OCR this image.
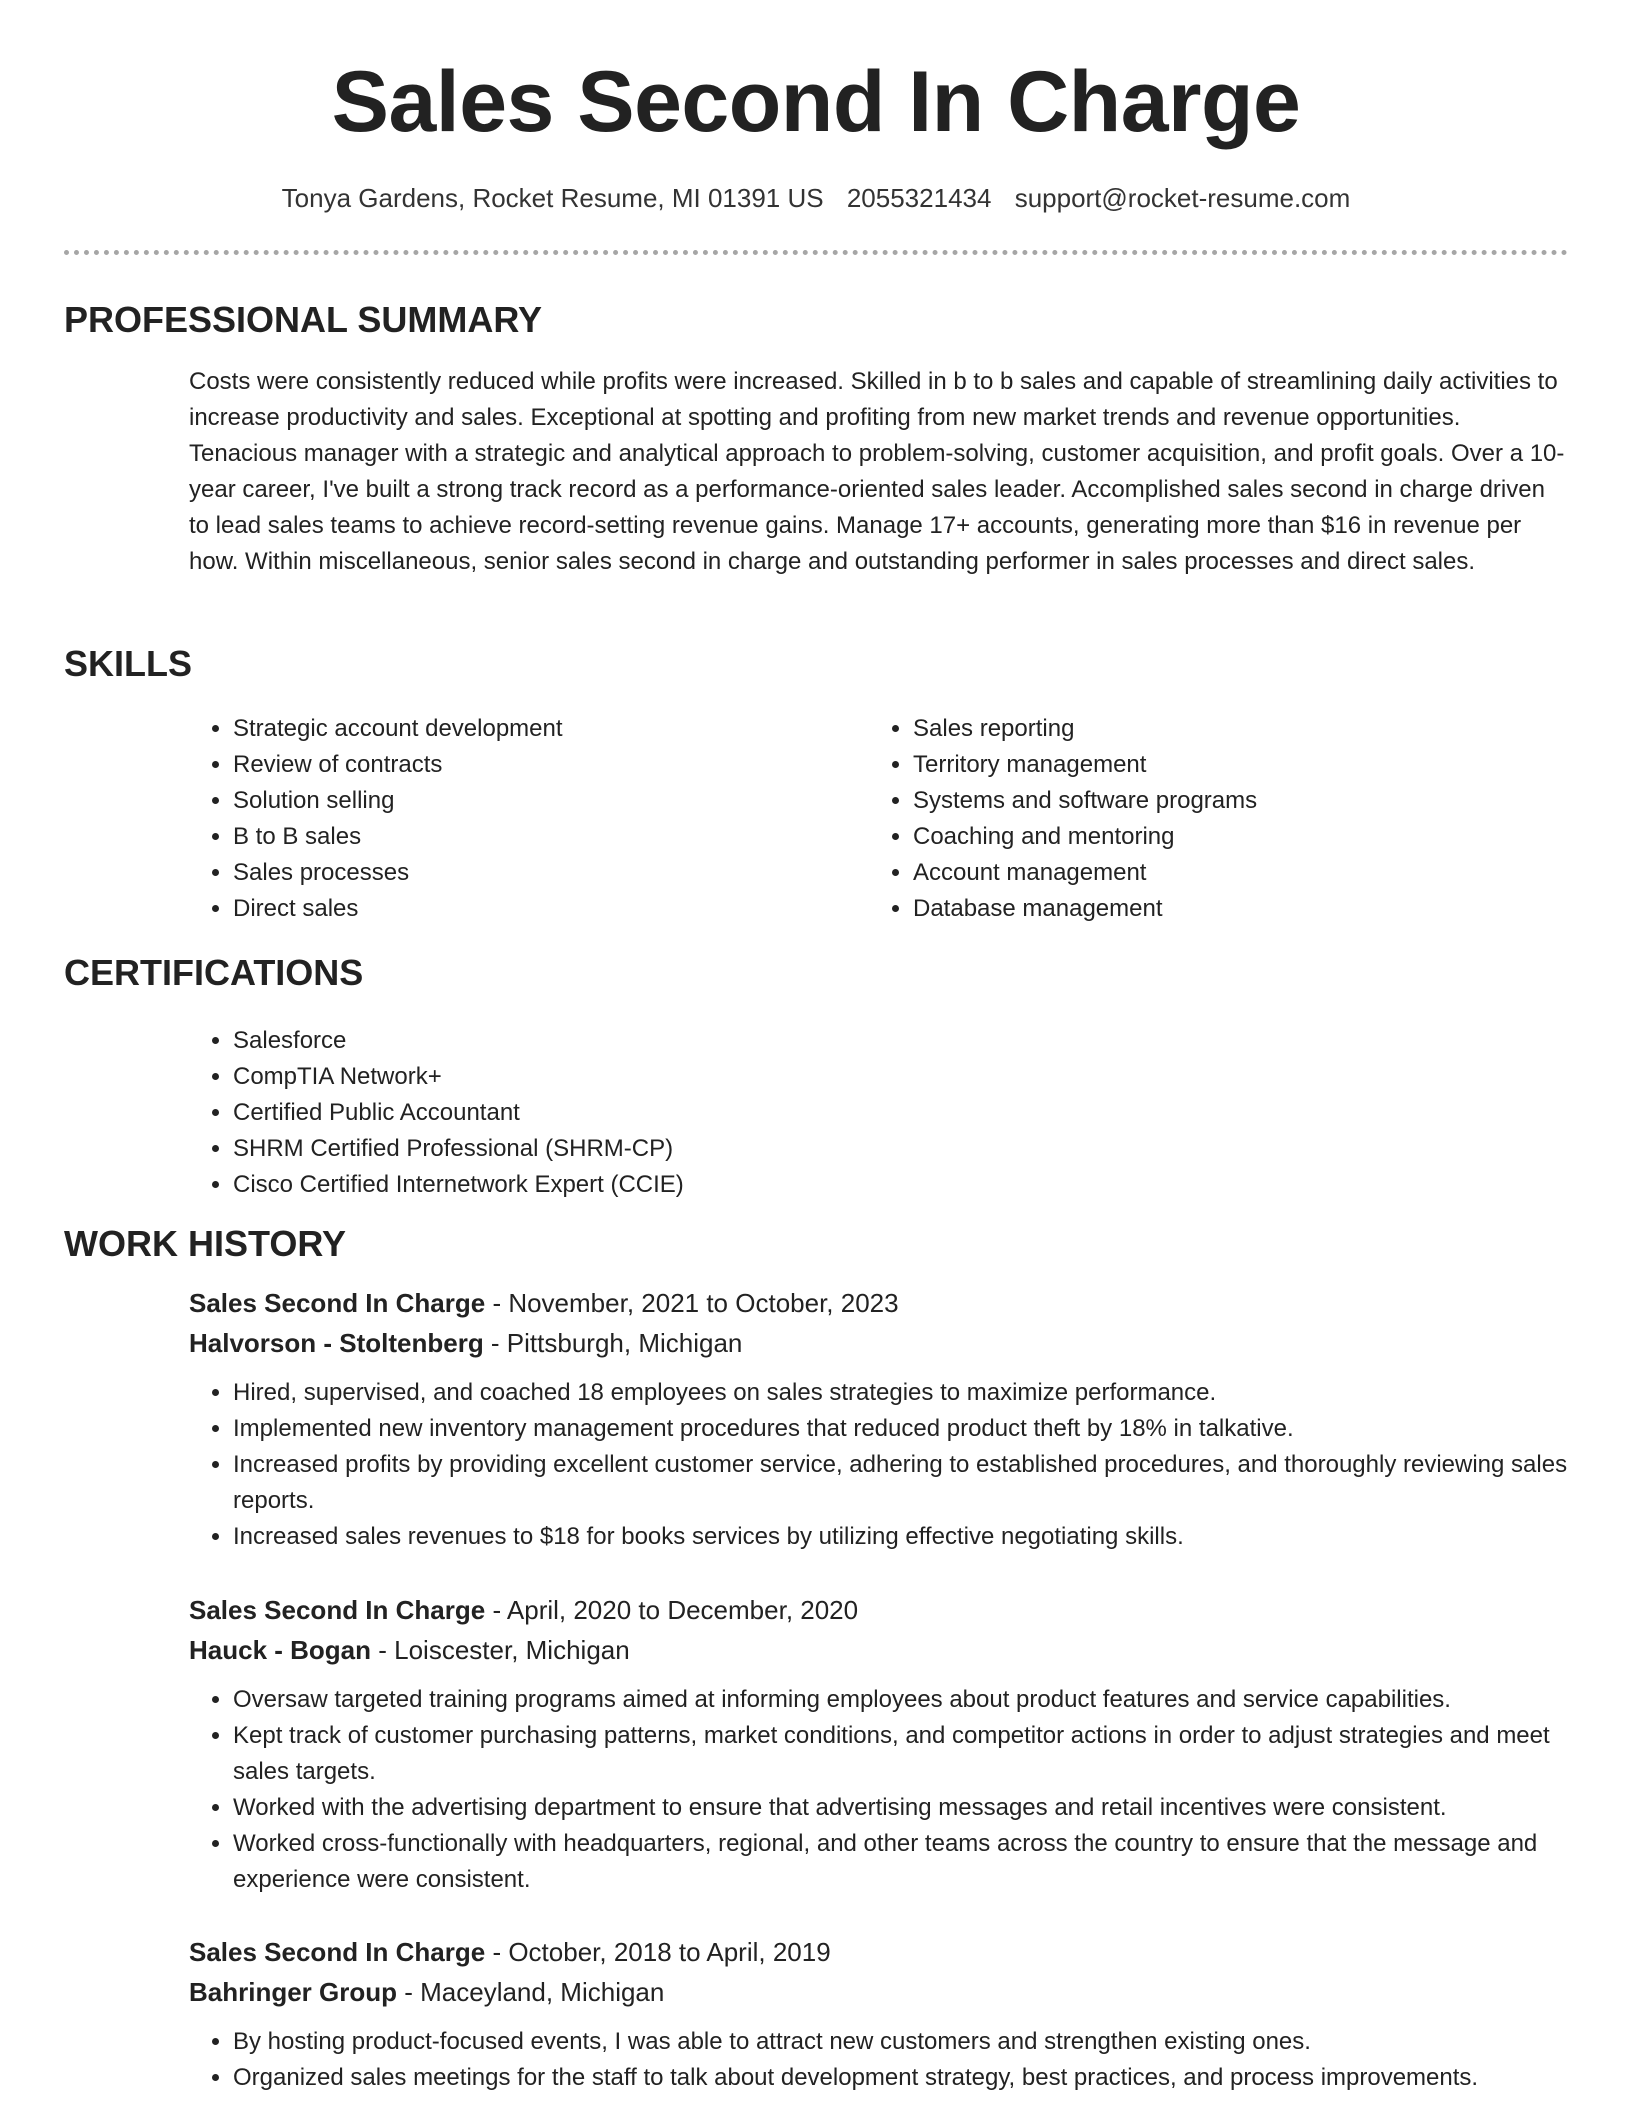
Sales Second In Charge
Tonya Gardens, Rocket Resume, MI 01391 US 2055321434 support@rocket-resume.com
PROFESSIONAL SUMMARY

Costs were consistently reduced while profits were increased. Skilled in b to b sales and capable of streamlining daily activities to increase productivity and sales. Exceptional at spotting and profiting from new market trends and revenue opportunities. Tenacious manager with a strategic and analytical approach to problem-solving, customer acquisition, and profit goals. Over a 10-year career, I've built a strong track record as a performance-oriented sales leader. Accomplished sales second in charge driven to lead sales teams to achieve record-setting revenue gains. Manage 17+ accounts, generating more than $16 in revenue per how. Within miscellaneous, senior sales second in charge and outstanding performer in sales processes and direct sales.

SKILLS
• Strategic account development
• Review of contracts
• Solution selling
• B to B sales
• Sales processes
• Direct sales
• Sales reporting
• Territory management
• Systems and software programs
• Coaching and mentoring
• Account management
• Database management
CERTIFICATIONS
• Salesforce
• CompTIA Network+
• Certified Public Accountant
• SHRM Certified Professional (SHRM-CP)
• Cisco Certified Internetwork Expert (CCIE)
WORK HISTORY
Sales Second In Charge - November, 2021 to October, 2023
Halvorson - Stoltenberg - Pittsburgh, Michigan
• Hired, supervised, and coached 18 employees on sales strategies to maximize performance.
• Implemented new inventory management procedures that reduced product theft by 18% in talkative.
• Increased profits by providing excellent customer service, adhering to established procedures, and thoroughly reviewing sales reports.
• Increased sales revenues to $18 for books services by utilizing effective negotiating skills.
Sales Second In Charge - April, 2020 to December, 2020
Hauck - Bogan - Loiscester, Michigan
• Oversaw targeted training programs aimed at informing employees about product features and service capabilities.
• Kept track of customer purchasing patterns, market conditions, and competitor actions in order to adjust strategies and meet sales targets.
• Worked with the advertising department to ensure that advertising messages and retail incentives were consistent.
• Worked cross-functionally with headquarters, regional, and other teams across the country to ensure that the message and experience were consistent.
Sales Second In Charge - October, 2018 to April, 2019
Bahringer Group - Maceyland, Michigan
• By hosting product-focused events, I was able to attract new customers and strengthen existing ones.
• Organized sales meetings for the staff to talk about development strategy, best practices, and process improvements.
